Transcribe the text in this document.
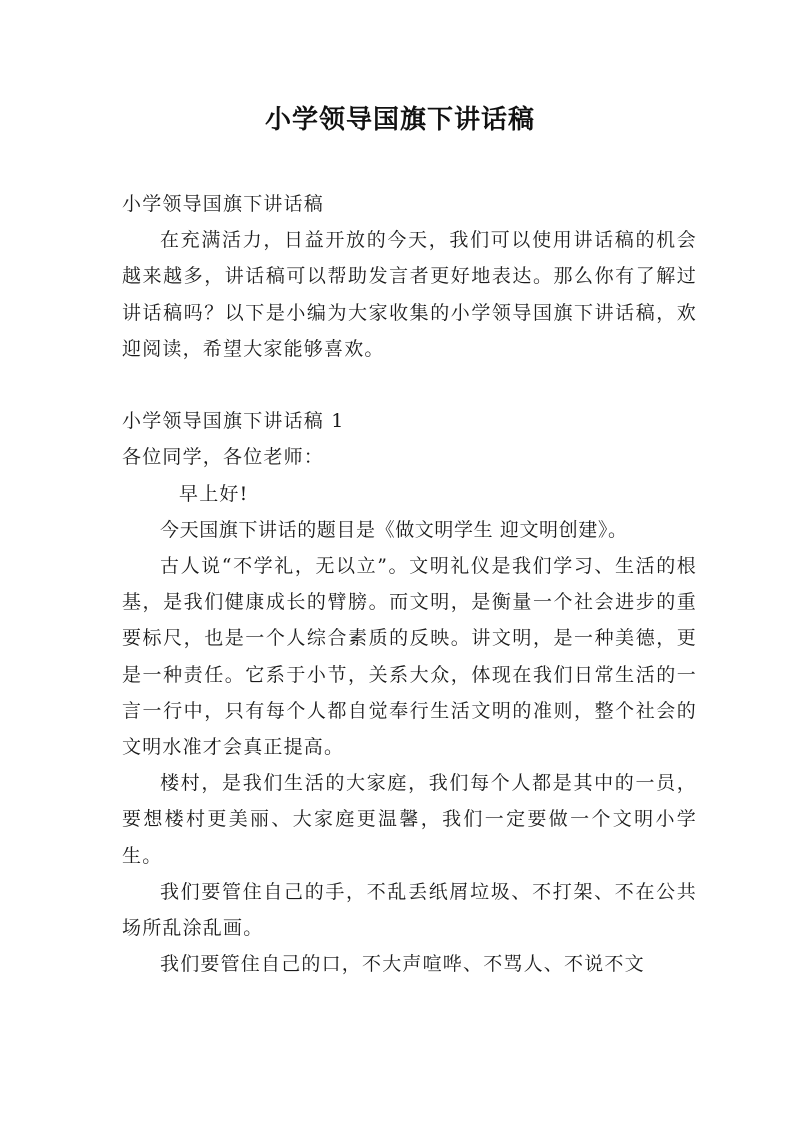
小学领导国旗下讲话稿

小学领导国旗下讲话稿

在充满活力，日益开放的今天，我们可以使用讲话稿的机会越来越多，讲话稿可以帮助发言者更好地表达。那么你有了解过讲话稿吗？以下是小编为大家收集的小学领导国旗下讲话稿，欢迎阅读，希望大家能够喜欢。

小学领导国旗下讲话稿 1

各位同学，各位老师：

早上好!

今天国旗下讲话的题目是《做文明学生 迎文明创建》。

古人说“不学礼，无以立”。文明礼仪是我们学习、生活的根基，是我们健康成长的臂膀。而文明，是衡量一个社会进步的重要标尺，也是一个人综合素质的反映。讲文明，是一种美德，更是一种责任。它系于小节，关系大众，体现在我们日常生活的一言一行中，只有每个人都自觉奉行生活文明的准则，整个社会的文明水准才会真正提高。

楼村，是我们生活的大家庭，我们每个人都是其中的一员，要想楼村更美丽、大家庭更温馨，我们一定要做一个文明小学生。

我们要管住自己的手，不乱丢纸屑垃圾、不打架、不在公共场所乱涂乱画。

我们要管住自己的口，不大声喧哗、不骂人、不说不文
